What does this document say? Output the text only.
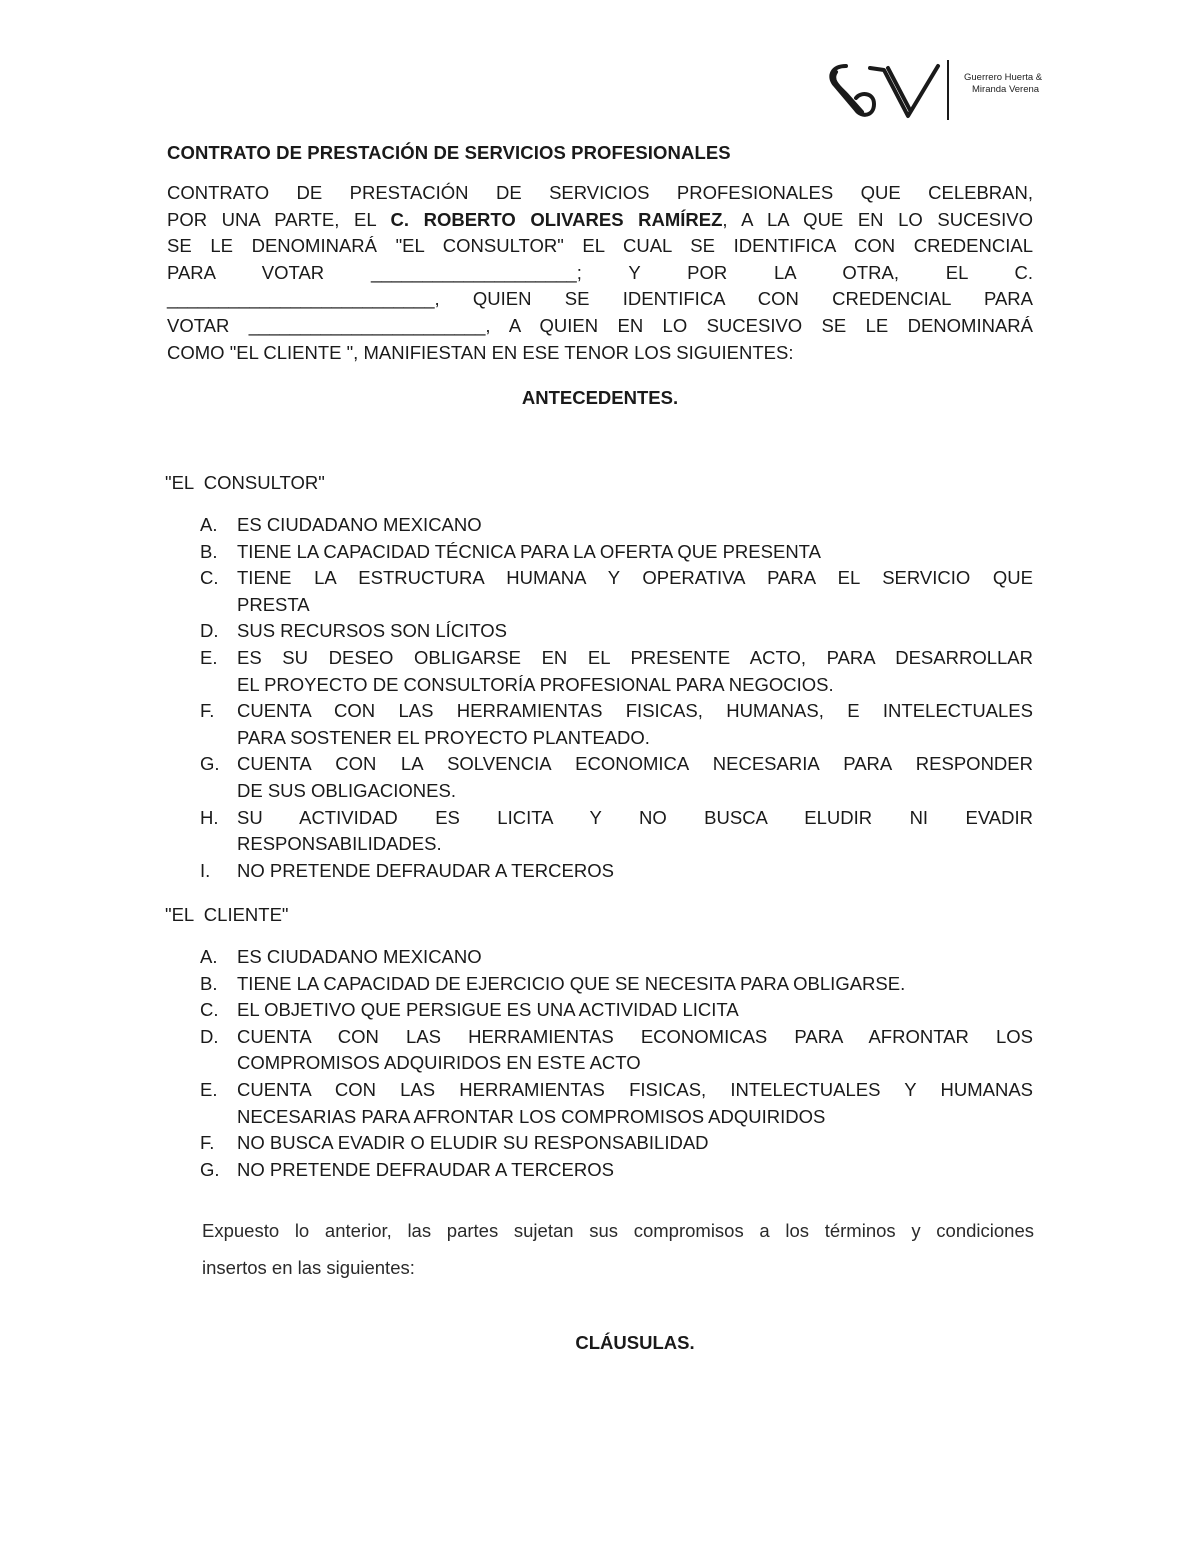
Guerrero Huerta &
Miranda Verena
CONTRATO DE PRESTACIÓN DE SERVICIOS PROFESIONALES
CONTRATO DE PRESTACIÓN DE SERVICIOS PROFESIONALES QUE CELEBRAN,
POR UNA PARTE, EL C. ROBERTO OLIVARES RAMÍREZ, A LA QUE EN LO SUCESIVO
SE LE DENOMINARÁ "EL CONSULTOR" EL CUAL SE IDENTIFICA CON CREDENCIAL
PARA VOTAR ____________________; Y POR LA OTRA, EL C.
__________________________, QUIEN SE IDENTIFICA CON CREDENCIAL PARA
VOTAR _______________________, A QUIEN EN LO SUCESIVO SE LE DENOMINARÁ
COMO "EL CLIENTE ", MANIFIESTAN EN ESE TENOR LOS SIGUIENTES:
ANTECEDENTES.
"EL  CONSULTOR"
A. ES CIUDADANO MEXICANO
B. TIENE LA CAPACIDAD TÉCNICA PARA LA OFERTA QUE PRESENTA
C. TIENE LA ESTRUCTURA HUMANA Y OPERATIVA PARA EL SERVICIO QUE
PRESTA
D. SUS RECURSOS SON LÍCITOS
E. ES SU DESEO OBLIGARSE EN EL PRESENTE ACTO, PARA DESARROLLAR
EL PROYECTO DE CONSULTORÍA PROFESIONAL PARA NEGOCIOS.
F. CUENTA CON LAS HERRAMIENTAS FISICAS, HUMANAS, E INTELECTUALES
PARA SOSTENER EL PROYECTO PLANTEADO.
G. CUENTA CON LA SOLVENCIA ECONOMICA NECESARIA PARA RESPONDER
DE SUS OBLIGACIONES.
H. SU ACTIVIDAD ES LICITA Y NO BUSCA ELUDIR NI EVADIR
RESPONSABILIDADES.
I. NO PRETENDE DEFRAUDAR A TERCEROS
"EL  CLIENTE"
A. ES CIUDADANO MEXICANO
B. TIENE LA CAPACIDAD DE EJERCICIO QUE SE NECESITA PARA OBLIGARSE.
C. EL OBJETIVO QUE PERSIGUE ES UNA ACTIVIDAD LICITA
D. CUENTA CON LAS HERRAMIENTAS ECONOMICAS PARA AFRONTAR LOS
COMPROMISOS ADQUIRIDOS EN ESTE ACTO
E. CUENTA CON LAS HERRAMIENTAS FISICAS, INTELECTUALES Y HUMANAS
NECESARIAS PARA AFRONTAR LOS COMPROMISOS ADQUIRIDOS
F. NO BUSCA EVADIR O ELUDIR SU RESPONSABILIDAD
G. NO PRETENDE DEFRAUDAR A TERCEROS
Expuesto lo anterior, las partes sujetan sus compromisos a los términos y condiciones
insertos en las siguientes:
CLÁUSULAS.
